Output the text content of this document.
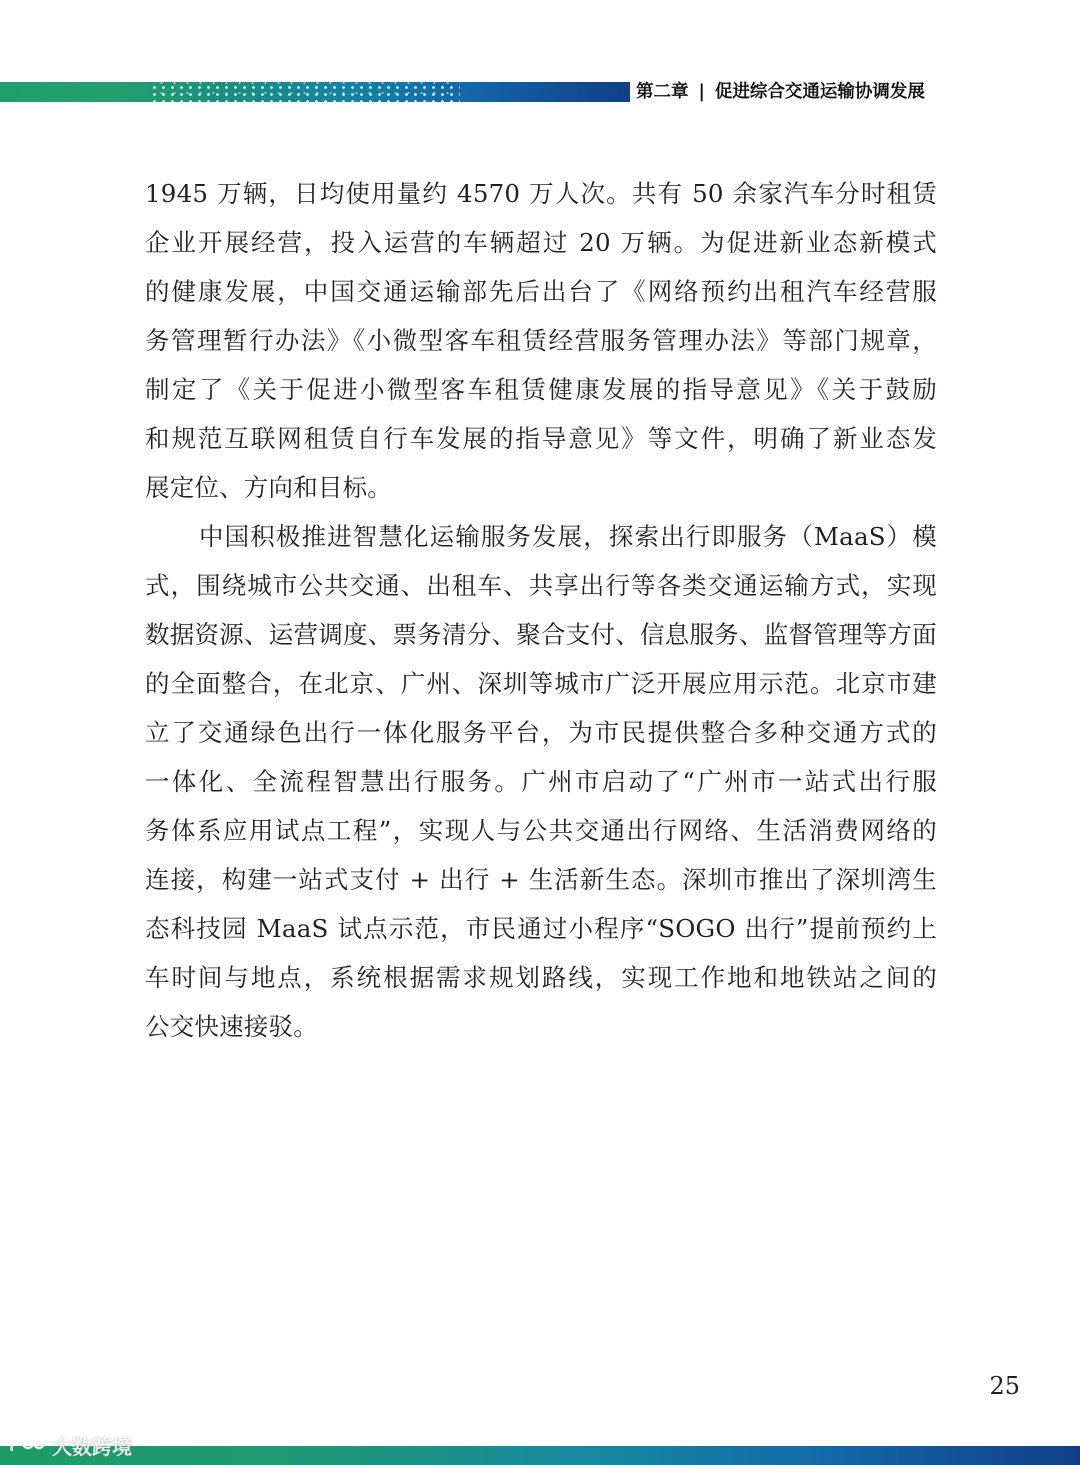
第二章 | 促进综合交通运输协调发展
1945 万辆，日均使用量约 4570 万人次。共有 50 余家汽车分时租赁
企业开展经营，投入运营的车辆超过 20 万辆。为促进新业态新模式
的健康发展，中国交通运输部先后出台了《网络预约出租汽车经营服
务管理暂行办法》《小微型客车租赁经营服务管理办法》等部门规章，
制定了《关于促进小微型客车租赁健康发展的指导意见》《关于鼓励
和规范互联网租赁自行车发展的指导意见》等文件，明确了新业态发
展定位、方向和目标。
中国积极推进智慧化运输服务发展，探索出行即服务（MaaS）模
式，围绕城市公共交通、出租车、共享出行等各类交通运输方式，实现
数据资源、运营调度、票务清分、聚合支付、信息服务、监督管理等方面
的全面整合，在北京、广州、深圳等城市广泛开展应用示范。北京市建
立了交通绿色出行一体化服务平台，为市民提供整合多种交通方式的
一体化、全流程智慧出行服务。广州市启动了“广州市一站式出行服
务体系应用试点工程”，实现人与公共交通出行网络、生活消费网络的
连接，构建一站式支付 + 出行 + 生活新生态。深圳市推出了深圳湾生
态科技园 MaaS 试点示范，市民通过小程序“SOGO 出行”提前预约上
车时间与地点，系统根据需求规划路线，实现工作地和地铁站之间的
公交快速接驳。
25
大数跨境
